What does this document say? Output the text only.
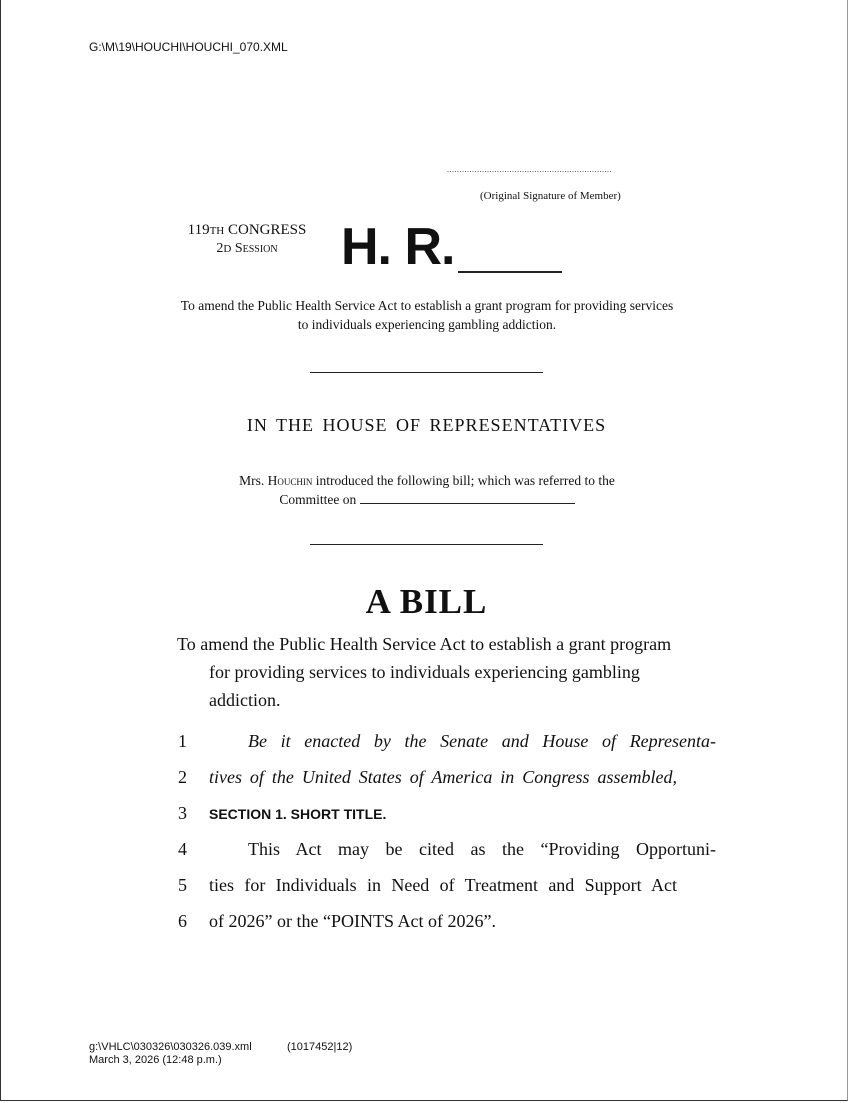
G:\M\19\HOUCHI\HOUCHI_070.XML
..................................................................
(Original Signature of Member)
119TH CONGRESS
2D Session	H. R.
To amend the Public Health Service Act to establish a grant program for providing services to individuals experiencing gambling addiction.
IN THE HOUSE OF REPRESENTATIVES
Mrs. Houchin introduced the following bill; which was referred to the
Committee on
A BILL
To amend the Public Health Service Act to establish a grant program for providing services to individuals experiencing gambling addiction.
1	Be it enacted by the Senate and House of Representa-
2	tives of the United States of America in Congress assembled,
3	SECTION 1. SHORT TITLE.
4	This Act may be cited as the “Providing Opportuni-
5	ties for Individuals in Need of Treatment and Support Act
6	of 2026” or the “POINTS Act of 2026”.
g:\VHLC\030326\030326.039.xml
March 3, 2026 (12:48 p.m.)
(1017452|12)
